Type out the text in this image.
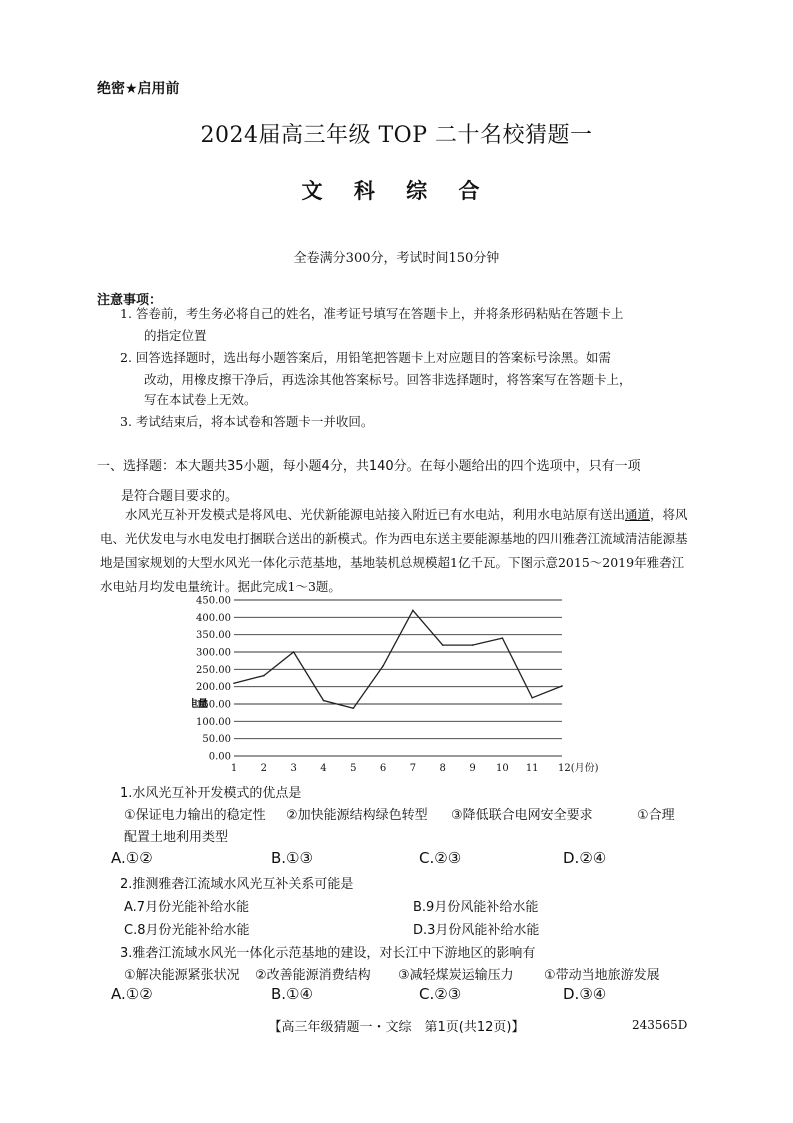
绝密★启用前
2024届高三年级 TOP 二十名校猜题一
文 科 综 合
全卷满分300分，考试时间150分钟
注意事项：
1. 答卷前，考生务必将自己的姓名，准考证号填写在答题卡上，并将条形码粘贴在答题卡上
的指定位置
2. 回答选择题时，选出每小题答案后，用铅笔把答题卡上对应题目的答案标号涂黑。如需
改动，用橡皮擦干净后，再选涂其他答案标号。回答非选择题时，将答案写在答题卡上，
写在本试卷上无效。
3. 考试结束后，将本试卷和答题卡一并收回。
一、选择题：本大题共35小题，每小题4分，共140分。在每小题给出的四个选项中，只有一项
是符合题目要求的。
水风光互补开发模式是将风电、光伏新能源电站接入附近已有水电站，利用水电站原有送出通道，将风电、光伏发电与水电发电打捆联合送出的新模式。作为西电东送主要能源基地的四川雅砻江流域清洁能源基地是国家规划的大型水风光一体化示范基地，基地装机总规模超1亿千瓦。下图示意2015～2019年雅砻江水电站月均发电量统计。据此完成1～3题。
0.00
50.00
100.00
150.00
200.00
250.00
300.00
350.00
400.00
450.00
1 2 3 4 5 6 7 8 9 10 11 12(月份)
电量
1.水风光互补开发模式的优点是
①保证电力输出的稳定性 ②加快能源结构绿色转型 ③降低联合电网安全要求	①合理
配置土地利用类型
A.①②	B.①③	C.②③	D.②④
2.推测雅砻江流域水风光互补关系可能是
A.7月份光能补给水能	B.9月份风能补给水能
C.8月份光能补给水能	D.3月份风能补给水能
3.雅砻江流域水风光一体化示范基地的建设，对长江中下游地区的影响有
①解决能源紧张状况 ②改善能源消费结构 ③减轻煤炭运输压力 ①带动当地旅游发展
A.①②	B.①④	C.②③	D.③④
【高三年级猜题一・文综　第1页(共12页)】	243565D
